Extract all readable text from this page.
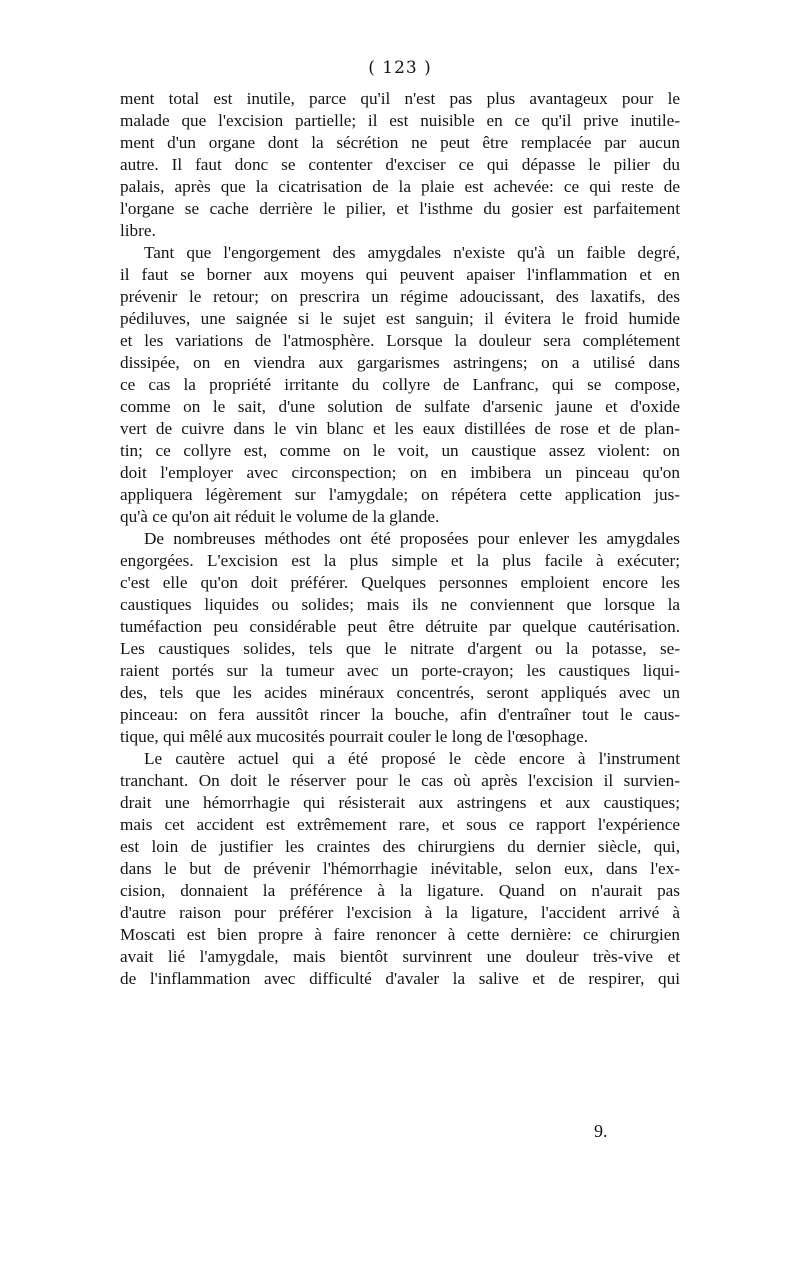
( 123 )
ment total est inutile, parce qu'il n'est pas plus avantageux pour le
malade que l'excision partielle; il est nuisible en ce qu'il prive inutile-
ment d'un organe dont la sécrétion ne peut être remplacée par aucun
autre. Il faut donc se contenter d'exciser ce qui dépasse le pilier du
palais, après que la cicatrisation de la plaie est achevée: ce qui reste de
l'organe se cache derrière le pilier, et l'isthme du gosier est parfaitement
libre.
Tant que l'engorgement des amygdales n'existe qu'à un faible degré,
il faut se borner aux moyens qui peuvent apaiser l'inflammation et en
prévenir le retour; on prescrira un régime adoucissant, des laxatifs, des
pédiluves, une saignée si le sujet est sanguin; il évitera le froid humide
et les variations de l'atmosphère. Lorsque la douleur sera complétement
dissipée, on en viendra aux gargarismes astringens; on a utilisé dans
ce cas la propriété irritante du collyre de Lanfranc, qui se compose,
comme on le sait, d'une solution de sulfate d'arsenic jaune et d'oxide
vert de cuivre dans le vin blanc et les eaux distillées de rose et de plan-
tin; ce collyre est, comme on le voit, un caustique assez violent: on
doit l'employer avec circonspection; on en imbibera un pinceau qu'on
appliquera légèrement sur l'amygdale; on répétera cette application jus-
qu'à ce qu'on ait réduit le volume de la glande.
De nombreuses méthodes ont été proposées pour enlever les amygdales
engorgées. L'excision est la plus simple et la plus facile à exécuter;
c'est elle qu'on doit préférer. Quelques personnes emploient encore les
caustiques liquides ou solides; mais ils ne conviennent que lorsque la
tuméfaction peu considérable peut être détruite par quelque cautérisation.
Les caustiques solides, tels que le nitrate d'argent ou la potasse, se-
raient portés sur la tumeur avec un porte-crayon; les caustiques liqui-
des, tels que les acides minéraux concentrés, seront appliqués avec un
pinceau: on fera aussitôt rincer la bouche, afin d'entraîner tout le caus-
tique, qui mêlé aux mucosités pourrait couler le long de l'œsophage.
Le cautère actuel qui a été proposé le cède encore à l'instrument
tranchant. On doit le réserver pour le cas où après l'excision il survien-
drait une hémorrhagie qui résisterait aux astringens et aux caustiques;
mais cet accident est extrêmement rare, et sous ce rapport l'expérience
est loin de justifier les craintes des chirurgiens du dernier siècle, qui,
dans le but de prévenir l'hémorrhagie inévitable, selon eux, dans l'ex-
cision, donnaient la préférence à la ligature. Quand on n'aurait pas
d'autre raison pour préférer l'excision à la ligature, l'accident arrivé à
Moscati est bien propre à faire renoncer à cette dernière: ce chirurgien
avait lié l'amygdale, mais bientôt survinrent une douleur très-vive et
de l'inflammation avec difficulté d'avaler la salive et de respirer, qui
9.
